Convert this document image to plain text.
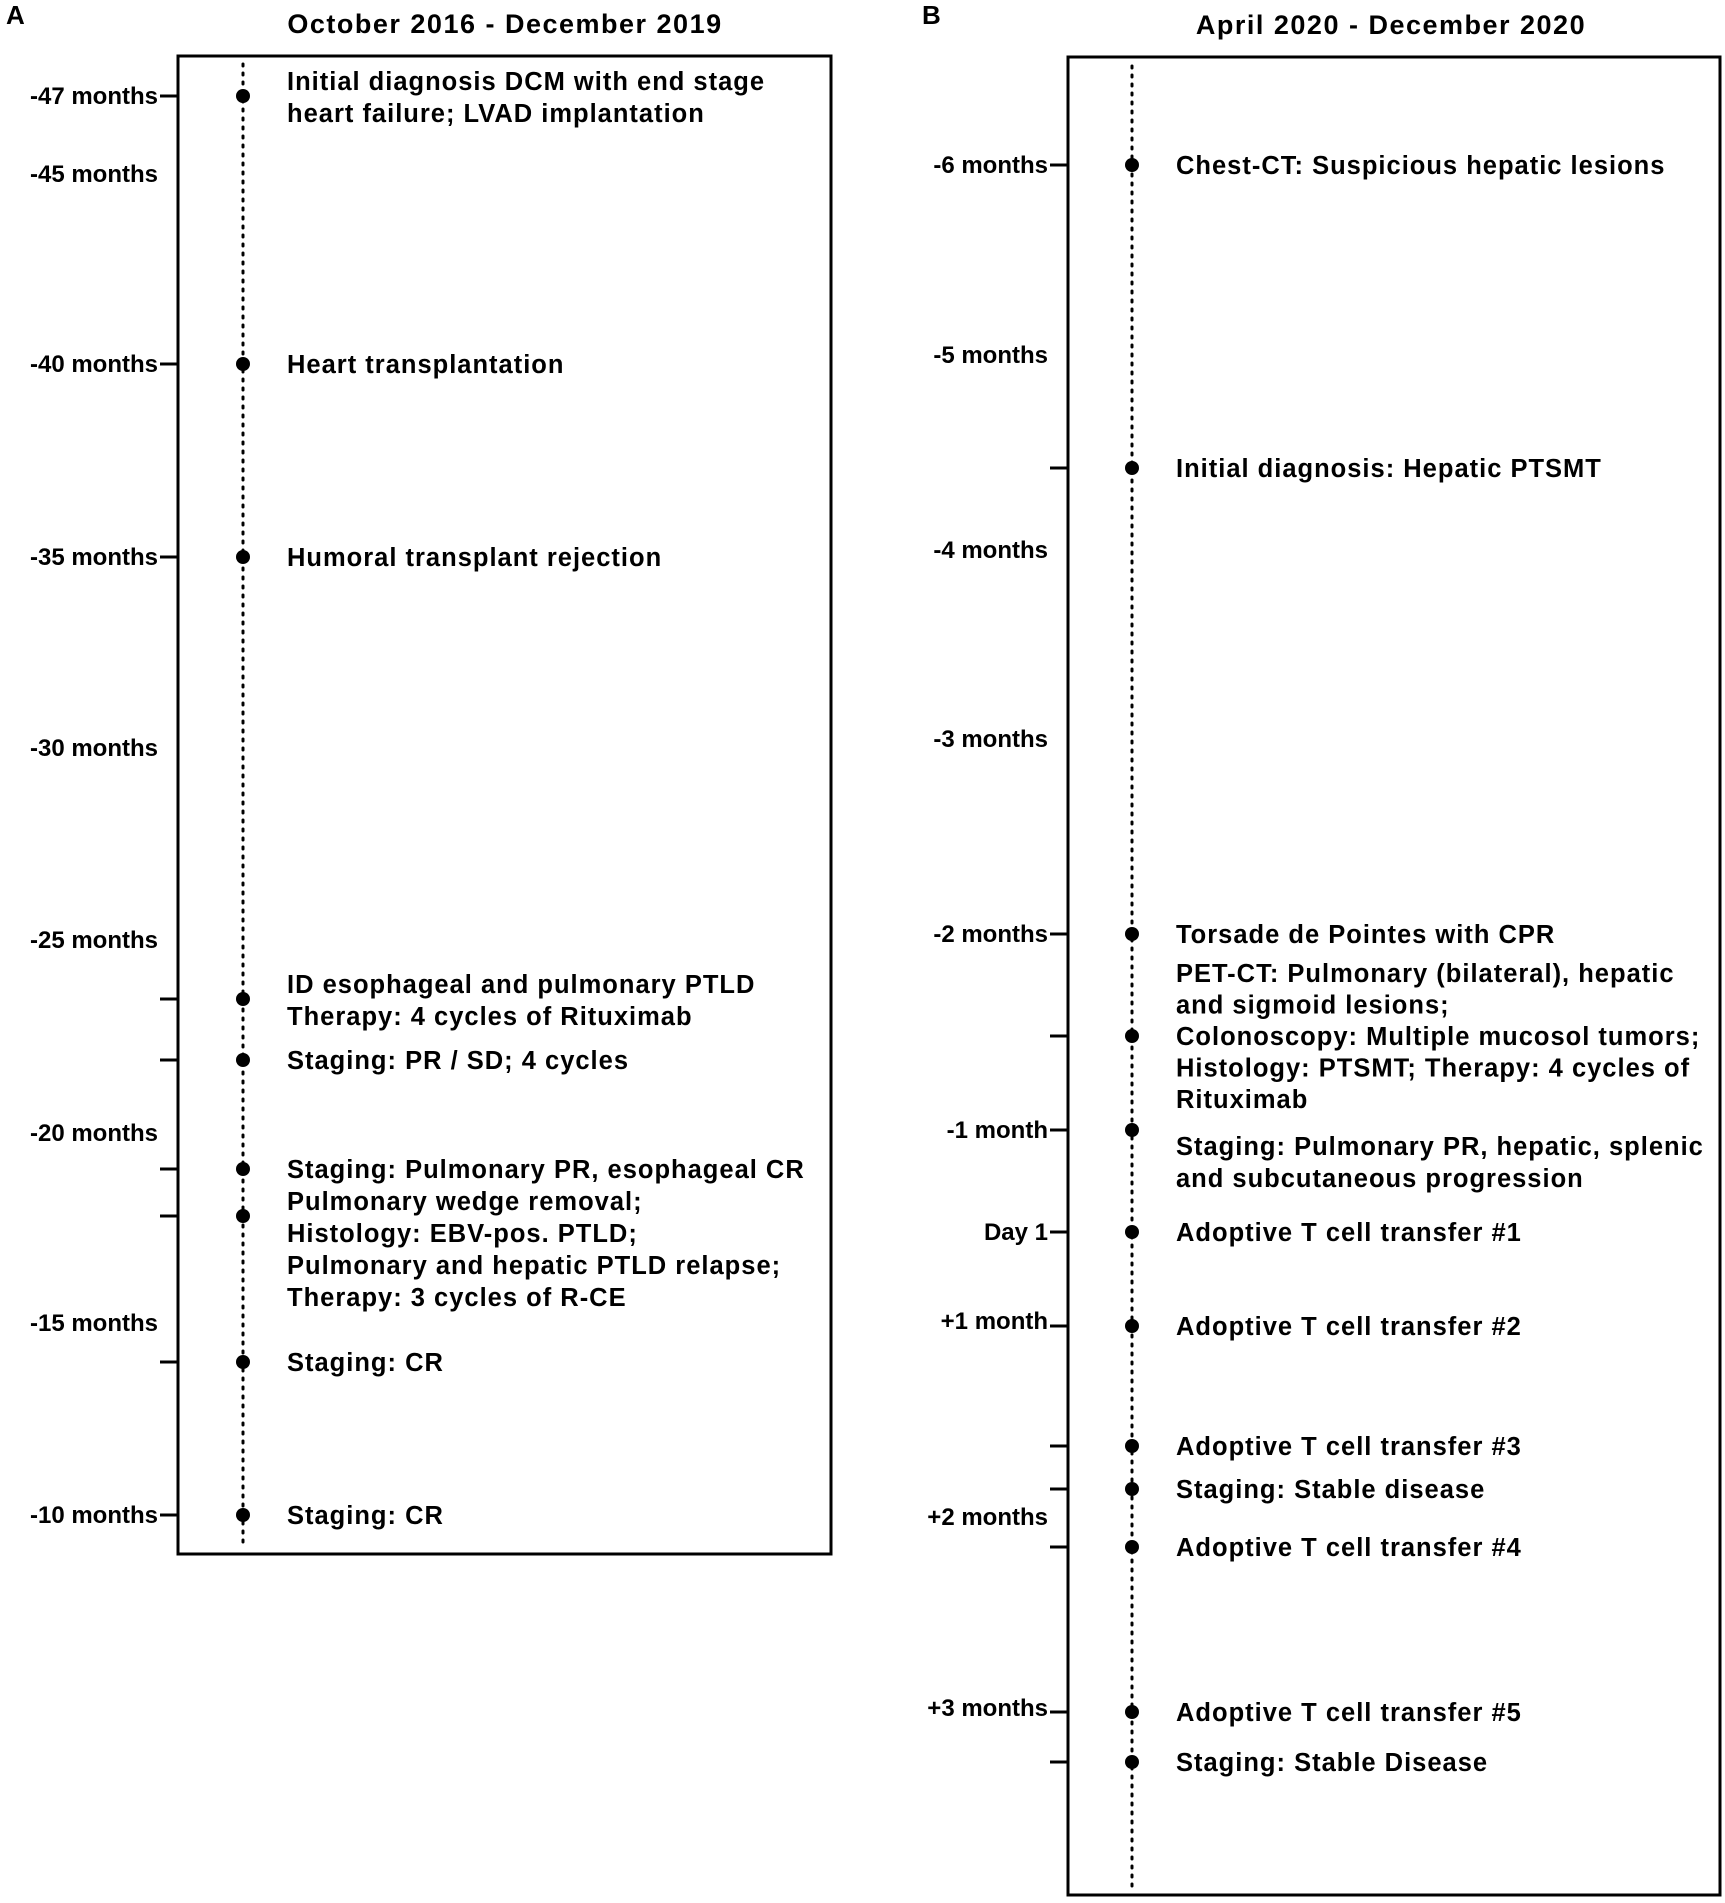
A	October 2016 - December 2019
-47 months
-45 months
-40 months
-35 months
-30 months
-25 months
-20 months
-15 months
-10 months
Initial diagnosis DCM with end stage heart failure; LVAD implantation
Heart transplantation
Humoral transplant rejection
ID esophageal and pulmonary PTLD Therapy: 4 cycles of Rituximab
Staging: PR / SD; 4 cycles
Staging: Pulmonary PR, esophageal CR
Pulmonary wedge removal; Histology: EBV-pos. PTLD; Pulmonary and hepatic PTLD relapse; Therapy: 3 cycles of R-CE
Staging: CR
Staging: CR
B	April 2020 - December 2020
-6 months
-5 months
-4 months
-3 months
-2 months
-1 month
Day 1
+1 month
+2 months
+3 months
Chest-CT: Suspicious hepatic lesions
Initial diagnosis: Hepatic PTSMT
Torsade de Pointes with CPR
PET-CT: Pulmonary (bilateral), hepatic and sigmoid lesions; Colonoscopy: Multiple mucosol tumors; Histology: PTSMT; Therapy: 4 cycles of Rituximab
Staging: Pulmonary PR, hepatic, splenic and subcutaneous progression
Adoptive T cell transfer #1
Adoptive T cell transfer #2
Adoptive T cell transfer #3
Staging: Stable disease
Adoptive T cell transfer #4
Adoptive T cell transfer #5
Staging: Stable Disease
